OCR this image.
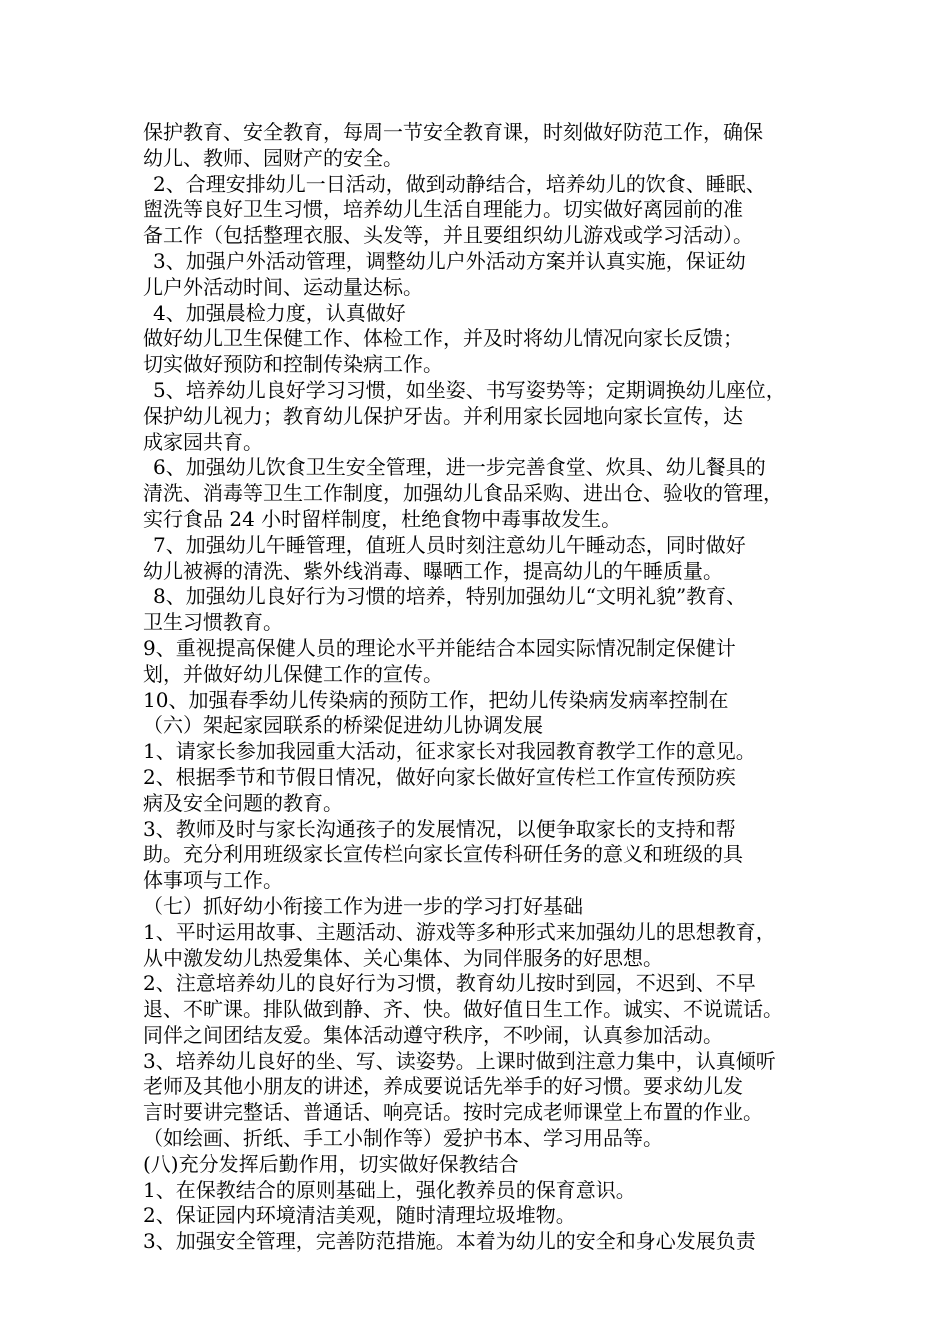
保护教育、安全教育，每周一节安全教育课，时刻做好防范工作，确保
幼儿、教师、园财产的安全。
2、合理安排幼儿一日活动，做到动静结合，培养幼儿的饮食、睡眠、
盥洗等良好卫生习惯，培养幼儿生活自理能力。切实做好离园前的准
备工作（包括整理衣服、头发等，并且要组织幼儿游戏或学习活动）。
3、加强户外活动管理，调整幼儿户外活动方案并认真实施，保证幼
儿户外活动时间、运动量达标。
4、加强晨检力度，认真做好
做好幼儿卫生保健工作、体检工作，并及时将幼儿情况向家长反馈；
切实做好预防和控制传染病工作。
5、培养幼儿良好学习习惯，如坐姿、书写姿势等；定期调换幼儿座位，
保护幼儿视力；教育幼儿保护牙齿。并利用家长园地向家长宣传，达
成家园共育。
6、加强幼儿饮食卫生安全管理，进一步完善食堂、炊具、幼儿餐具的
清洗、消毒等卫生工作制度，加强幼儿食品采购、进出仓、验收的管理，
实行食品 24 小时留样制度，杜绝食物中毒事故发生。
7、加强幼儿午睡管理，值班人员时刻注意幼儿午睡动态，同时做好
幼儿被褥的清洗、紫外线消毒、曝晒工作，提高幼儿的午睡质量。
8、加强幼儿良好行为习惯的培养，特别加强幼儿“文明礼貌”教育、
卫生习惯教育。
9、重视提高保健人员的理论水平并能结合本园实际情况制定保健计
划，并做好幼儿保健工作的宣传。
10、加强春季幼儿传染病的预防工作，把幼儿传染病发病率控制在
（六）架起家园联系的桥梁促进幼儿协调发展
1、请家长参加我园重大活动，征求家长对我园教育教学工作的意见。
2、根据季节和节假日情况，做好向家长做好宣传栏工作宣传预防疾
病及安全问题的教育。
3、教师及时与家长沟通孩子的发展情况，以便争取家长的支持和帮
助。充分利用班级家长宣传栏向家长宣传科研任务的意义和班级的具
体事项与工作。
（七）抓好幼小衔接工作为进一步的学习打好基础
1、平时运用故事、主题活动、游戏等多种形式来加强幼儿的思想教育，
从中激发幼儿热爱集体、关心集体、为同伴服务的好思想。
2、注意培养幼儿的良好行为习惯，教育幼儿按时到园，不迟到、不早
退、不旷课。排队做到静、齐、快。做好值日生工作。诚实、不说谎话。
同伴之间团结友爱。集体活动遵守秩序，不吵闹，认真参加活动。
3、培养幼儿良好的坐、写、读姿势。上课时做到注意力集中，认真倾听
老师及其他小朋友的讲述，养成要说话先举手的好习惯。要求幼儿发
言时要讲完整话、普通话、响亮话。按时完成老师课堂上布置的作业。
（如绘画、折纸、手工小制作等）爱护书本、学习用品等。
(八)充分发挥后勤作用，切实做好保教结合
1、在保教结合的原则基础上，强化教养员的保育意识。
2、保证园内环境清洁美观，随时清理垃圾堆物。
3、加强安全管理，完善防范措施。本着为幼儿的安全和身心发展负责
